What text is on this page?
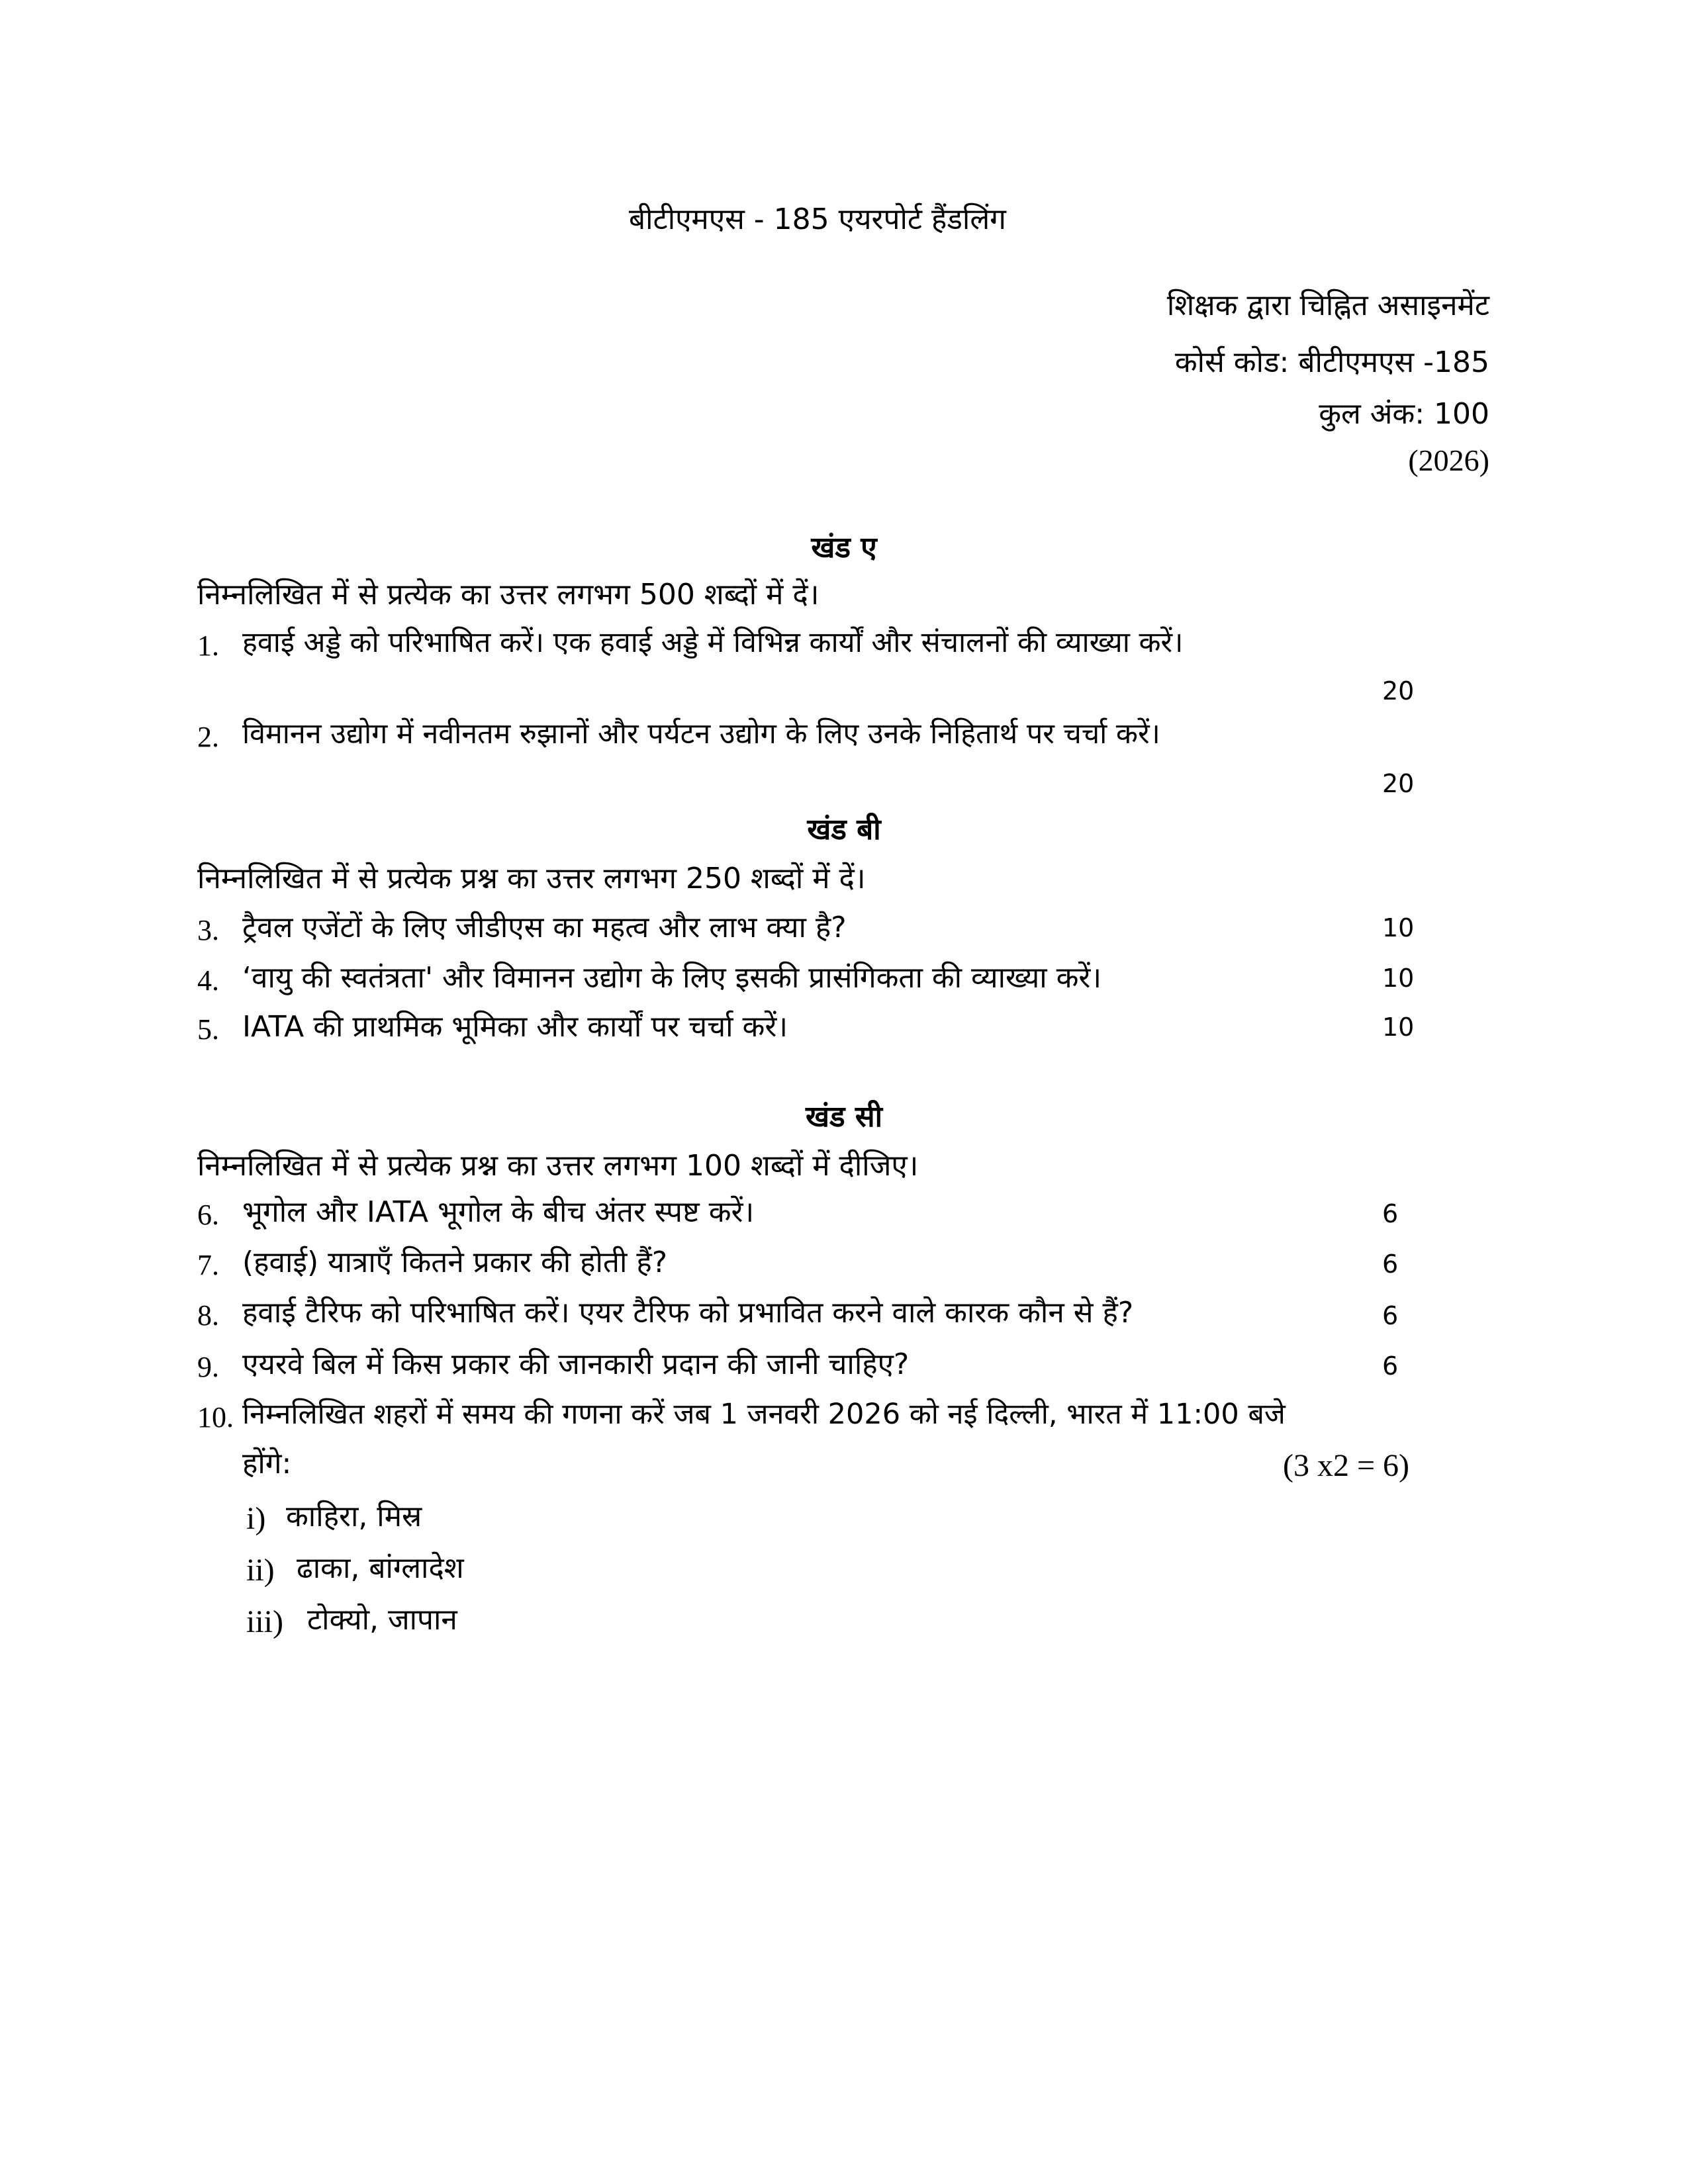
बीटीएमएस - 185 एयरपोर्ट हैंडलिंग
शिक्षक द्वारा चिह्नित असाइनमेंट
कोर्स कोड: बीटीएमएस -185
कुल अंक: 100
(2026)
खंड ए
निम्नलिखित में से प्रत्येक का उत्तर लगभग 500 शब्दों में दें।
1. हवाई अड्डे को परिभाषित करें। एक हवाई अड्डे में विभिन्न कार्यों और संचालनों की व्याख्या करें।
20
2. विमानन उद्योग में नवीनतम रुझानों और पर्यटन उद्योग के लिए उनके निहितार्थ पर चर्चा करें।
20
खंड बी
निम्नलिखित में से प्रत्येक प्रश्न का उत्तर लगभग 250 शब्दों में दें।
3. ट्रैवल एजेंटों के लिए जीडीएस का महत्व और लाभ क्या है?	10
4. ‘वायु की स्वतंत्रता' और विमानन उद्योग के लिए इसकी प्रासंगिकता की व्याख्या करें।	10
5. IATA की प्राथमिक भूमिका और कार्यों पर चर्चा करें।	10
खंड सी
निम्नलिखित में से प्रत्येक प्रश्न का उत्तर लगभग 100 शब्दों में दीजिए।
6. भूगोल और IATA भूगोल के बीच अंतर स्पष्ट करें।	6
7. (हवाई) यात्राएँ कितने प्रकार की होती हैं?	6
8. हवाई टैरिफ को परिभाषित करें। एयर टैरिफ को प्रभावित करने वाले कारक कौन से हैं?	6
9. एयरवे बिल में किस प्रकार की जानकारी प्रदान की जानी चाहिए?	6
10. निम्नलिखित शहरों में समय की गणना करें जब 1 जनवरी 2026 को नई दिल्ली, भारत में 11:00 बजे
होंगे:	(3 x2 = 6)
i) काहिरा, मिस्र
ii) ढाका, बांग्लादेश
iii) टोक्यो, जापान
